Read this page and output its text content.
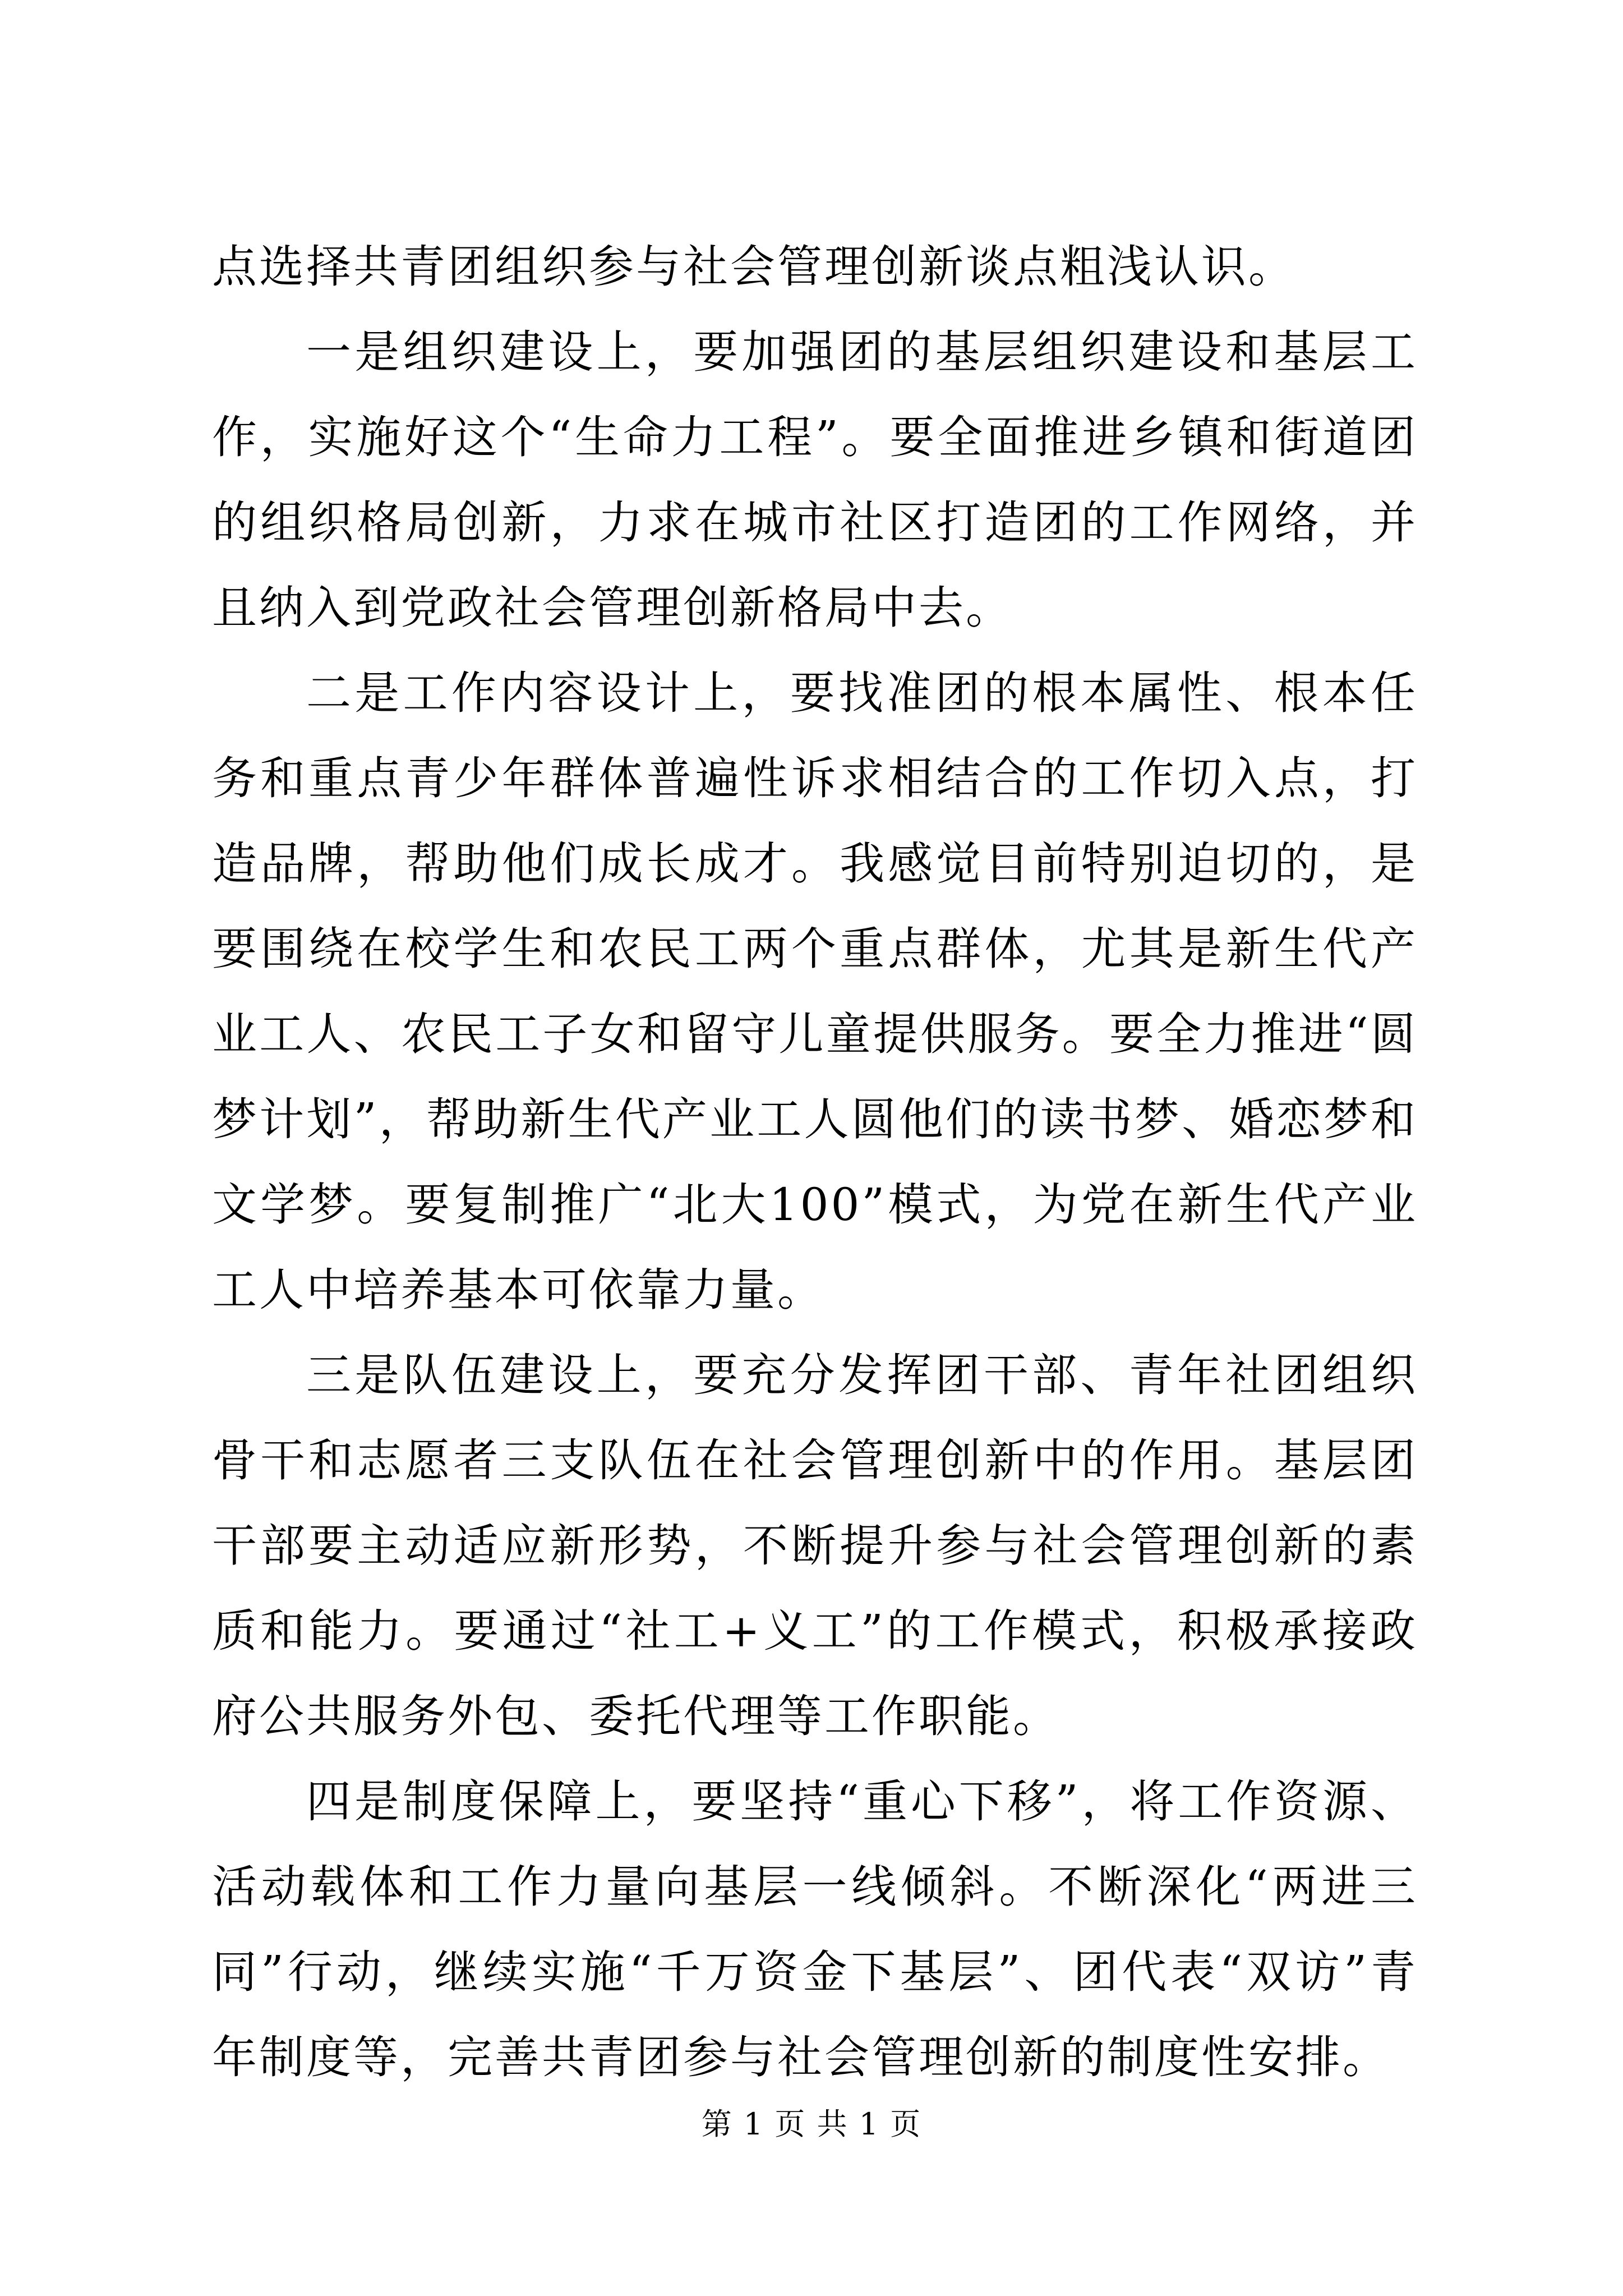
点选择共青团组织参与社会管理创新谈点粗浅认识。

一是组织建设上，要加强团的基层组织建设和基层工作，实施好这个“生命力工程”。要全面推进乡镇和街道团的组织格局创新，力求在城市社区打造团的工作网络，并且纳入到党政社会管理创新格局中去。

二是工作内容设计上，要找准团的根本属性、根本任务和重点青少年群体普遍性诉求相结合的工作切入点，打造品牌，帮助他们成长成才。我感觉目前特别迫切的，是要围绕在校学生和农民工两个重点群体，尤其是新生代产业工人、农民工子女和留守儿童提供服务。要全力推进“圆梦计划”，帮助新生代产业工人圆他们的读书梦、婚恋梦和文学梦。要复制推广“北大100”模式，为党在新生代产业工人中培养基本可依靠力量。

三是队伍建设上，要充分发挥团干部、青年社团组织骨干和志愿者三支队伍在社会管理创新中的作用。基层团干部要主动适应新形势，不断提升参与社会管理创新的素质和能力。要通过“社工+义工”的工作模式，积极承接政府公共服务外包、委托代理等工作职能。

四是制度保障上，要坚持“重心下移”，将工作资源、活动载体和工作力量向基层一线倾斜。不断深化“两进三同”行动，继续实施“千万资金下基层”、团代表“双访”青年制度等，完善共青团参与社会管理创新的制度性安排。

第 1 页 共 1 页
